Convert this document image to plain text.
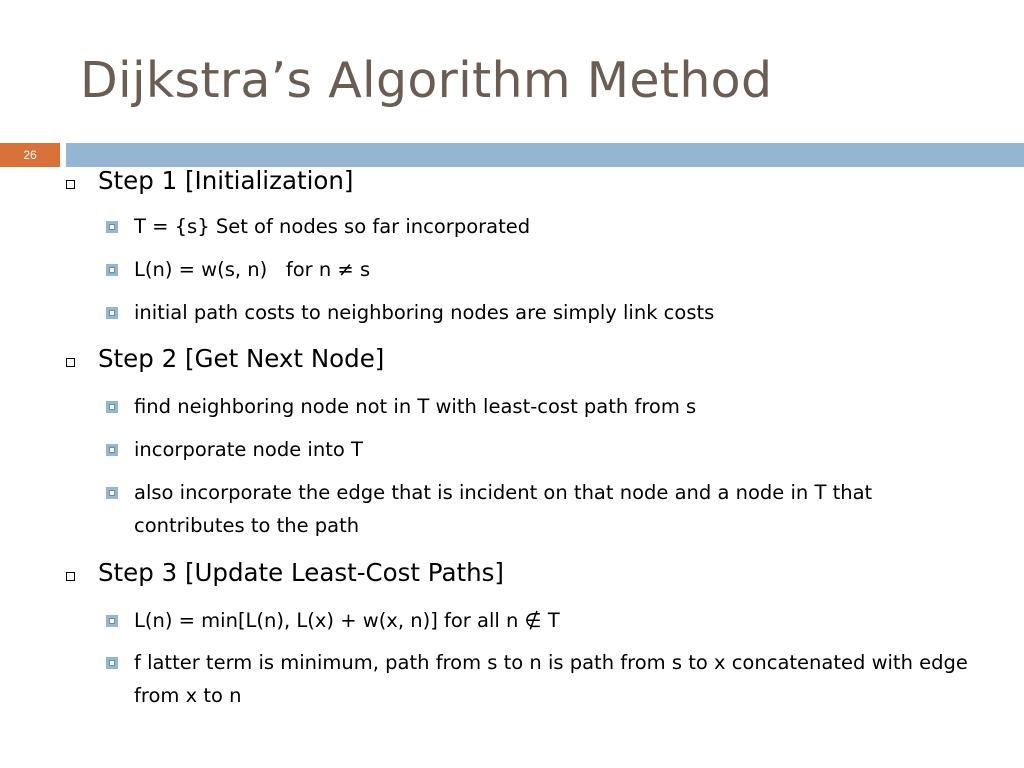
Dijkstra’s Algorithm Method
26
Step 1 [Initialization]
T = {s} Set of nodes so far incorporated
L(n) = w(s, n)   for n ≠ s
initial path costs to neighboring nodes are simply link costs
Step 2 [Get Next Node]
find neighboring node not in T with least-cost path from s
incorporate node into T
also incorporate the edge that is incident on that node and a node in T that contributes to the path
Step 3 [Update Least-Cost Paths]
L(n) = min[L(n), L(x) + w(x, n)] for all n ∉ T
f latter term is minimum, path from s to n is path from s to x concatenated with edge from x to n
